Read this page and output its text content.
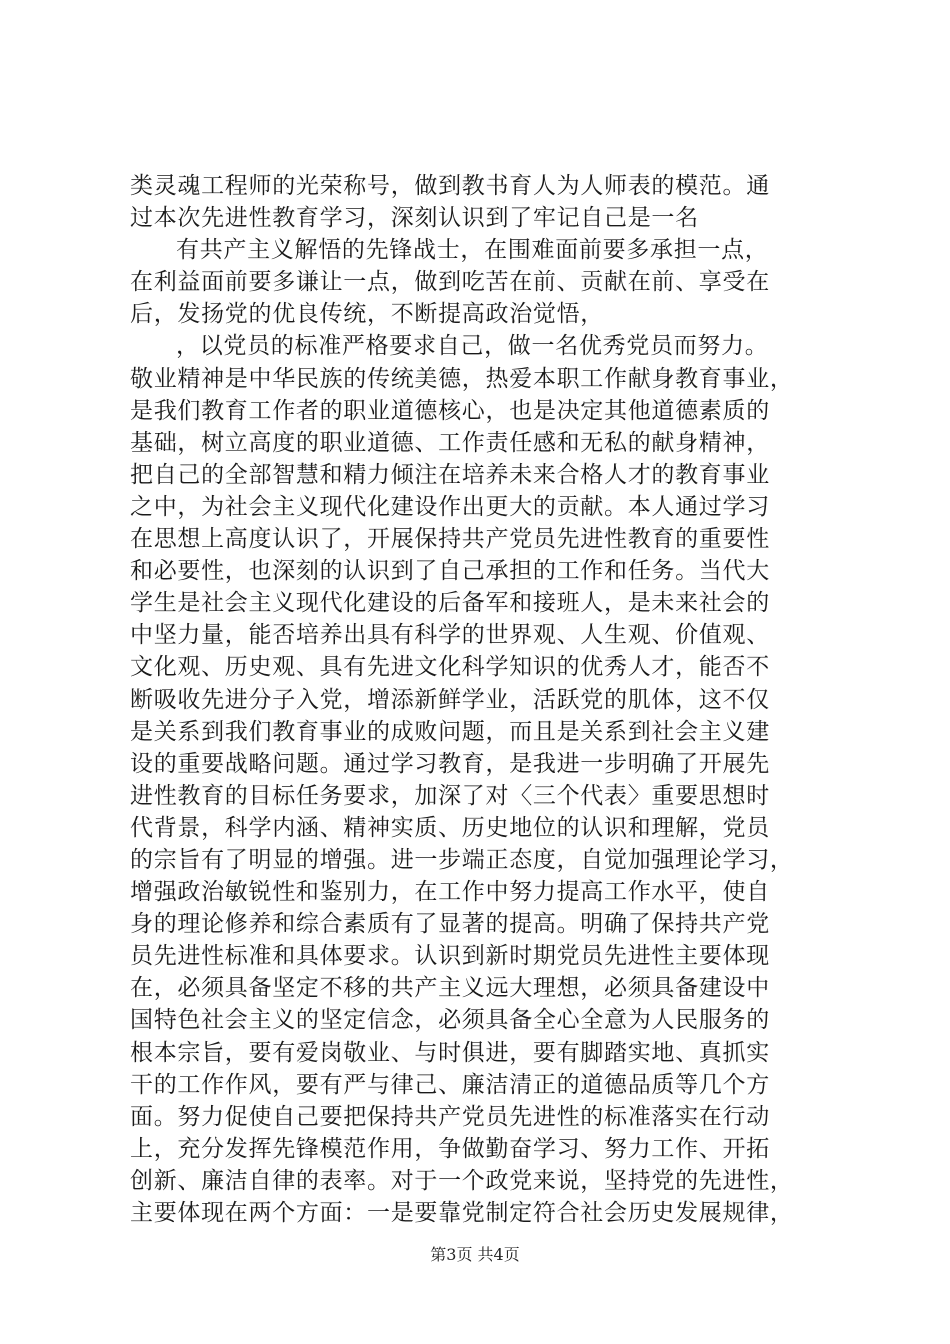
类灵魂工程师的光荣称号，做到教书育人为人师表的模范。通
过本次先进性教育学习，深刻认识到了牢记自己是一名
有共产主义解悟的先锋战士，在围难面前要多承担一点，
在利益面前要多谦让一点，做到吃苦在前、贡献在前、享受在
后，发扬党的优良传统，不断提高政治觉悟，
，以党员的标准严格要求自己，做一名优秀党员而努力。
敬业精神是中华民族的传统美德，热爱本职工作献身教育事业，
是我们教育工作者的职业道德核心，也是决定其他道德素质的
基础，树立高度的职业道德、工作责任感和无私的献身精神，
把自己的全部智慧和精力倾注在培养未来合格人才的教育事业
之中，为社会主义现代化建设作出更大的贡献。本人通过学习
在思想上高度认识了，开展保持共产党员先进性教育的重要性
和必要性，也深刻的认识到了自己承担的工作和任务。当代大
学生是社会主义现代化建设的后备军和接班人，是未来社会的
中坚力量，能否培养出具有科学的世界观、人生观、价值观、
文化观、历史观、具有先进文化科学知识的优秀人才，能否不
断吸收先进分子入党，增添新鲜学业，活跃党的肌体，这不仅
是关系到我们教育事业的成败问题，而且是关系到社会主义建
设的重要战略问题。通过学习教育，是我进一步明确了开展先
进性教育的目标任务要求，加深了对〈三个代表〉重要思想时
代背景，科学内涵、精神实质、历史地位的认识和理解，党员
的宗旨有了明显的增强。进一步端正态度，自觉加强理论学习，
增强政治敏锐性和鉴别力，在工作中努力提高工作水平，使自
身的理论修养和综合素质有了显著的提高。明确了保持共产党
员先进性标准和具体要求。认识到新时期党员先进性主要体现
在，必须具备坚定不移的共产主义远大理想，必须具备建设中
国特色社会主义的坚定信念，必须具备全心全意为人民服务的
根本宗旨，要有爱岗敬业、与时俱进，要有脚踏实地、真抓实
干的工作作风，要有严与律己、廉洁清正的道德品质等几个方
面。努力促使自己要把保持共产党员先进性的标准落实在行动
上，充分发挥先锋模范作用，争做勤奋学习、努力工作、开拓
创新、廉洁自律的表率。对于一个政党来说，坚持党的先进性，
主要体现在两个方面：一是要靠党制定符合社会历史发展规律，
第3页 共4页
